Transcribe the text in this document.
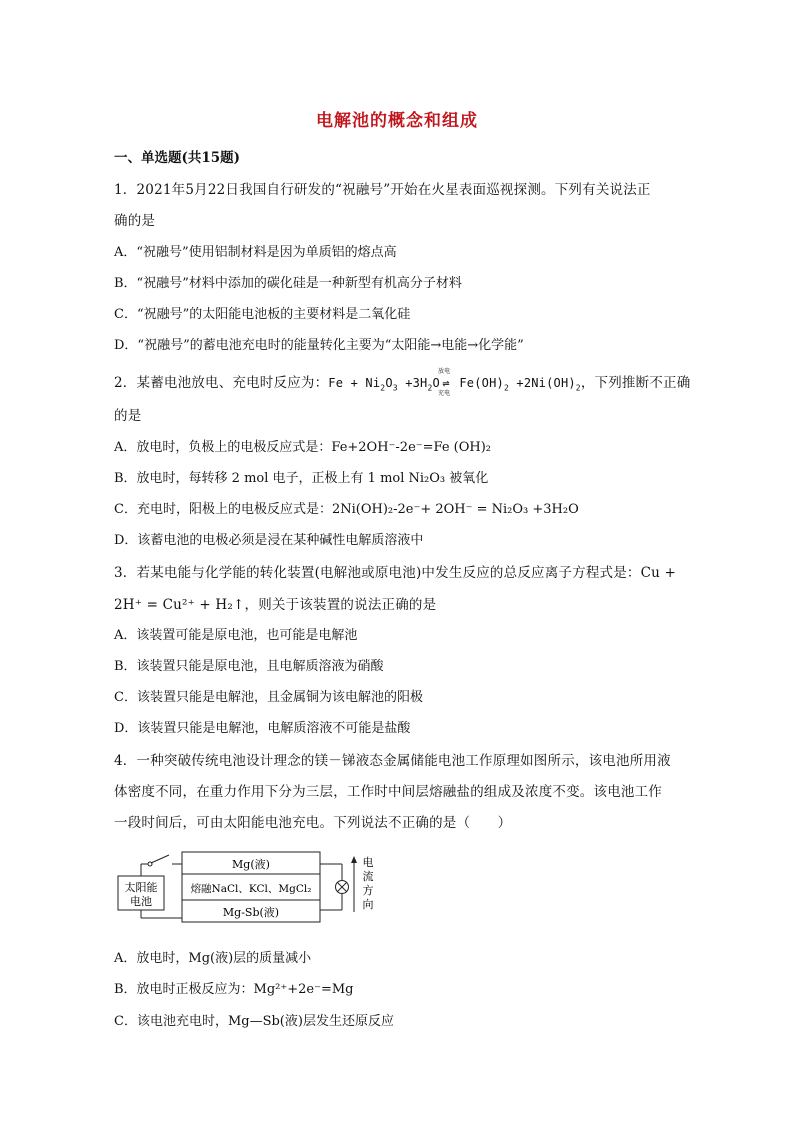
电解池的概念和组成
一、单选题(共15题)
1．2021年5月22日我国自行研发的“祝融号”开始在火星表面巡视探测。下列有关说法正
确的是
A．“祝融号”使用铝制材料是因为单质铝的熔点高
B．“祝融号”材料中添加的碳化硅是一种新型有机高分子材料
C．“祝融号”的太阳能电池板的主要材料是二氧化硅
D．“祝融号”的蓄电池充电时的能量转化主要为“太阳能→电能→化学能”
2．某蓄电池放电、充电时反应为：$Fe + Ni_2O_3 +3H_2O$
放电
⇌
充电
$Fe(OH)_2 +2Ni(OH)_2$，下列推断不正确
的是
A．放电时，负极上的电极反应式是：Fe+2OH⁻-2e⁻=Fe (OH)₂
B．放电时，每转移 2 mol 电子，正极上有 1 mol Ni₂O₃ 被氧化
C．充电时，阳极上的电极反应式是：2Ni(OH)₂-2e⁻+ 2OH⁻ = Ni₂O₃ +3H₂O
D．该蓄电池的电极必须是浸在某种碱性电解质溶液中
3．若某电能与化学能的转化装置(电解池或原电池)中发生反应的总反应离子方程式是：Cu +
2H⁺ = Cu²⁺ + H₂↑，则关于该装置的说法正确的是
A．该装置可能是原电池，也可能是电解池
B．该装置只能是原电池，且电解质溶液为硝酸
C．该装置只能是电解池，且金属铜为该电解池的阳极
D．该装置只能是电解池，电解质溶液不可能是盐酸
4．一种突破传统电池设计理念的镁－锑液态金属储能电池工作原理如图所示，该电池所用液
体密度不同，在重力作用下分为三层，工作时中间层熔融盐的组成及浓度不变。该电池工作
一段时间后，可由太阳能电池充电。下列说法不正确的是（　　）
太阳能
电池
Mg(液)
熔融NaCl、KCl、MgCl₂
Mg-Sb(液)
电
流
方
向
A．放电时，Mg(液)层的质量减小
B．放电时正极反应为：Mg²⁺+2e⁻=Mg
C．该电池充电时，Mg—Sb(液)层发生还原反应
